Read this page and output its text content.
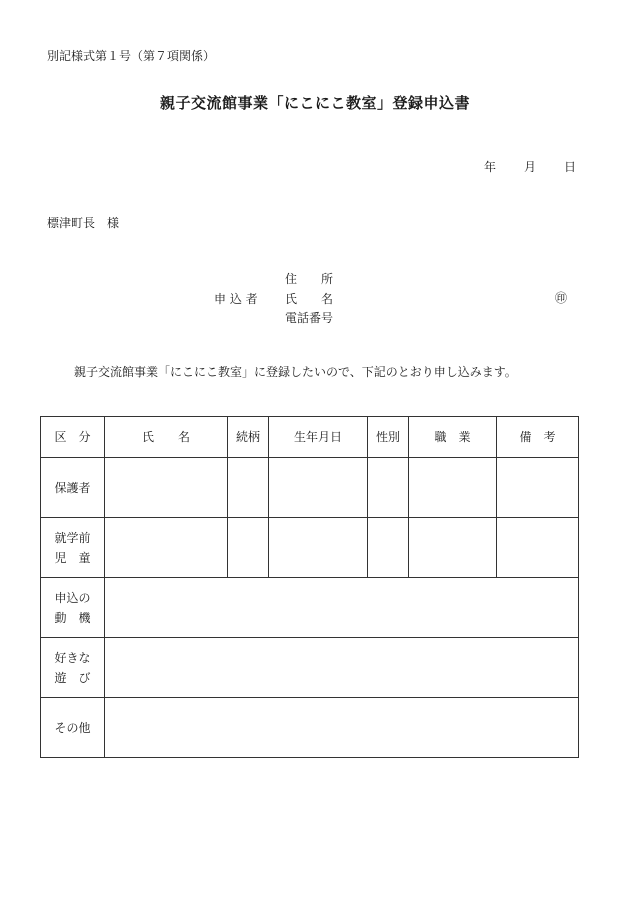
別記様式第１号（第７項関係）
親子交流館事業「にこにこ教室」登録申込書
年	月	日
標津町長　様
住　　所
申 込 者 氏　　名	㊞
電話番号
親子交流館事業「にこにこ教室」に登録したいので、下記のとおり申し込みます。
区　分	氏　　名	続柄	生年月日	性別	職　業	備　考
保護者						

就学前
児　童						

申込の
動　機						

好きな
遊　び						

その他						
